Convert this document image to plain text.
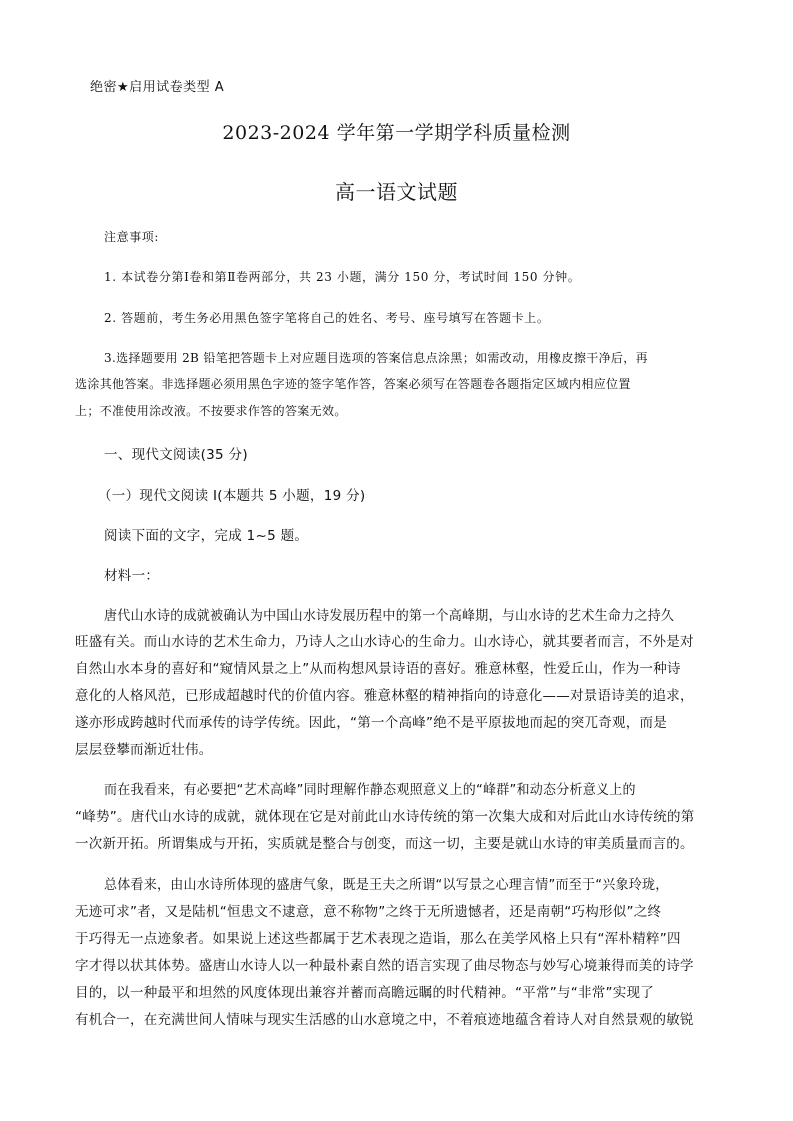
绝密★启用试卷类型 A
2023-2024 学年第一学期学科质量检测
高一语文试题
注意事项:
1. 本试卷分第Ⅰ卷和第Ⅱ卷两部分，共 23 小题，满分 150 分，考试时间 150 分钟。
2. 答题前，考生务必用黑色签字笔将自己的姓名、考号、座号填写在答题卡上。
3.选择题要用 2B 铅笔把答题卡上对应题目选项的答案信息点涂黑；如需改动，用橡皮擦干净后，再
选涂其他答案。非选择题必须用黑色字迹的签字笔作答，答案必须写在答题卷各题指定区域内相应位置
上；不准使用涂改液。不按要求作答的答案无效。
一、现代文阅读(35 分)
（一）现代文阅读 I(本题共 5 小题，19 分)
阅读下面的文字，完成 1~5 题。
材料一：
唐代山水诗的成就被确认为中国山水诗发展历程中的第一个高峰期，与山水诗的艺术生命力之持久
旺盛有关。而山水诗的艺术生命力，乃诗人之山水诗心的生命力。山水诗心，就其要者而言，不外是对
自然山水本身的喜好和“窥情风景之上”从而构想风景诗语的喜好。雅意林壑，性爱丘山，作为一种诗
意化的人格风范，已形成超越时代的价值内容。雅意林壑的精神指向的诗意化——对景语诗美的追求，
遂亦形成跨越时代而承传的诗学传统。因此，“第一个高峰”绝不是平原拔地而起的突兀奇观，而是
层层登攀而渐近壮伟。
而在我看来，有必要把“艺术高峰”同时理解作静态观照意义上的“峰群”和动态分析意义上的
“峰势”。唐代山水诗的成就，就体现在它是对前此山水诗传统的第一次集大成和对后此山水诗传统的第
一次新开拓。所谓集成与开拓，实质就是整合与创变，而这一切，主要是就山水诗的审美质量而言的。
总体看来，由山水诗所体现的盛唐气象，既是王夫之所谓“以写景之心理言情”而至于“兴象玲珑，
无迹可求”者，又是陆机“恒患文不逮意，意不称物”之终于无所遗憾者，还是南朝“巧构形似”之终
于巧得无一点迹象者。如果说上述这些都属于艺术表现之造诣，那么在美学风格上只有“浑朴精粹”四
字才得以状其体势。盛唐山水诗人以一种最朴素自然的语言实现了曲尽物态与妙写心境兼得而美的诗学
目的，以一种最平和坦然的风度体现出兼容并蓄而高瞻远瞩的时代精神。“平常”与“非常”实现了
有机合一，在充满世间人情味与现实生活感的山水意境之中，不着痕迹地蕴含着诗人对自然景观的敏锐
